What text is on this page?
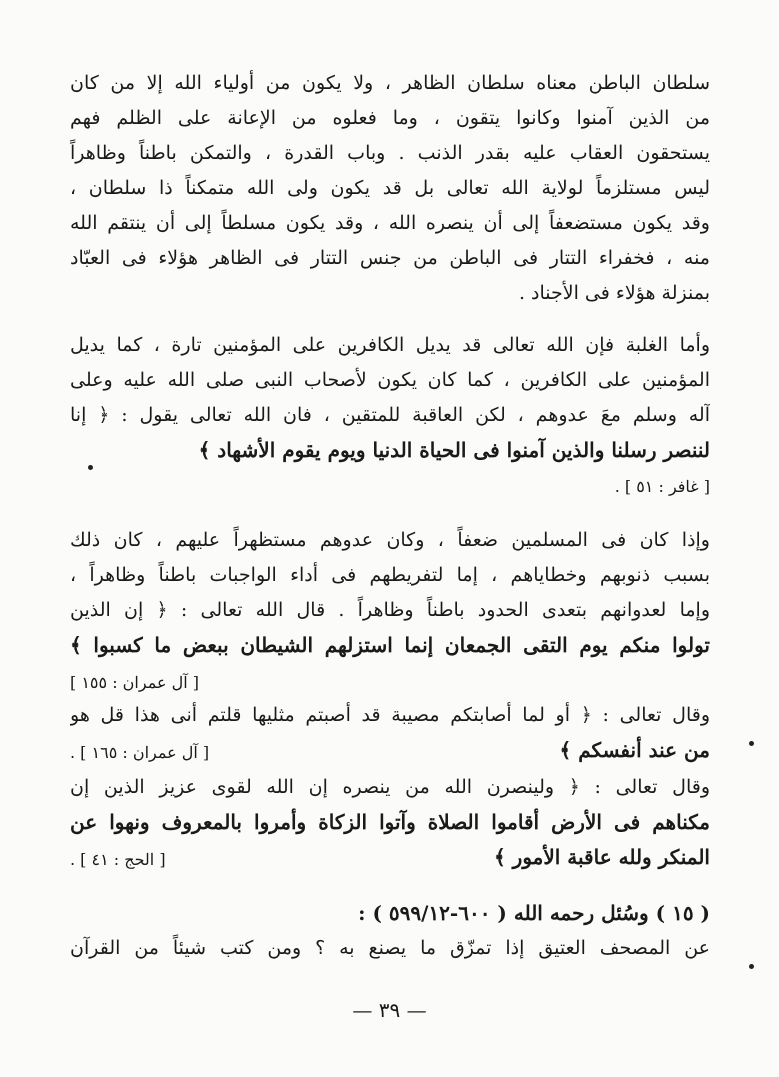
سلطان الباطن معناه سلطان الظاهر ، ولا يكون من أولياء الله إلا من كان
من الذين آمنوا وكانوا يتقون ، وما فعلوه من الإعانة على الظلم فهم
يستحقون العقاب عليه بقدر الذنب . وباب القدرة ، والتمكن باطناً وظاهراً
ليس مستلزماً لولاية الله تعالى بل قد يكون ولى الله متمكناً ذا سلطان ،
وقد يكون مستضعفاً إلى أن ينصره الله ، وقد يكون مسلطاً إلى أن ينتقم الله
منه ، فخفراء التتار فى الباطن من جنس التتار فى الظاهر هؤلاء فى العبّاد
بمنزلة هؤلاء فى الأجناد .
وأما الغلبة فإن الله تعالى قد يديل الكافرين على المؤمنين تارة ، كما يديل
المؤمنين على الكافرين ، كما كان يكون لأصحاب النبى صلى الله عليه وعلى
آله وسلم معَ عدوهم ، لكن العاقبة للمتقين ، فان الله تعالى يقول : ﴿ إنا
لننصر رسلنا والذين آمنوا فى الحياة الدنيا ويوم يقوم الأشهاد ﴾
[ غافر : ٥١ ] .
وإذا كان فى المسلمين ضعفاً ، وكان عدوهم مستظهراً عليهم ، كان ذلك
بسبب ذنوبهم وخطاياهم ، إما لتفريطهم فى أداء الواجبات باطناً وظاهراً ،
وإما لعدوانهم بتعدى الحدود باطناً وظاهراً . قال الله تعالى : ﴿ إن الذين
تولوا منكم يوم التقى الجمعان إنما استزلهم الشيطان ببعض ما كسبوا ﴾
[ آل عمران : ١٥٥ ]
وقال تعالى : ﴿ أو لما أصابتكم مصيبة قد أصبتم مثليها قلتم أنى هذا قل هو
من عند أنفسكم ﴾
[ آل عمران : ١٦٥ ] .
وقال تعالى : ﴿ ولينصرن الله من ينصره إن الله لقوى عزيز الذين إن
مكناهم فى الأرض أقاموا الصلاة وآتوا الزكاة وأمروا بالمعروف ونهوا عن
المنكر ولله عاقبة الأمور ﴾
[ الحج : ٤١ ] .
( ١٥ ) وسُئل رحمه الله ( ٦٠٠-٥٩٩/١٢ ) :
عن المصحف العتيق إذا تمزّق ما يصنع به ؟ ومن كتب شيئاً من القرآن
— ٣٩ —
